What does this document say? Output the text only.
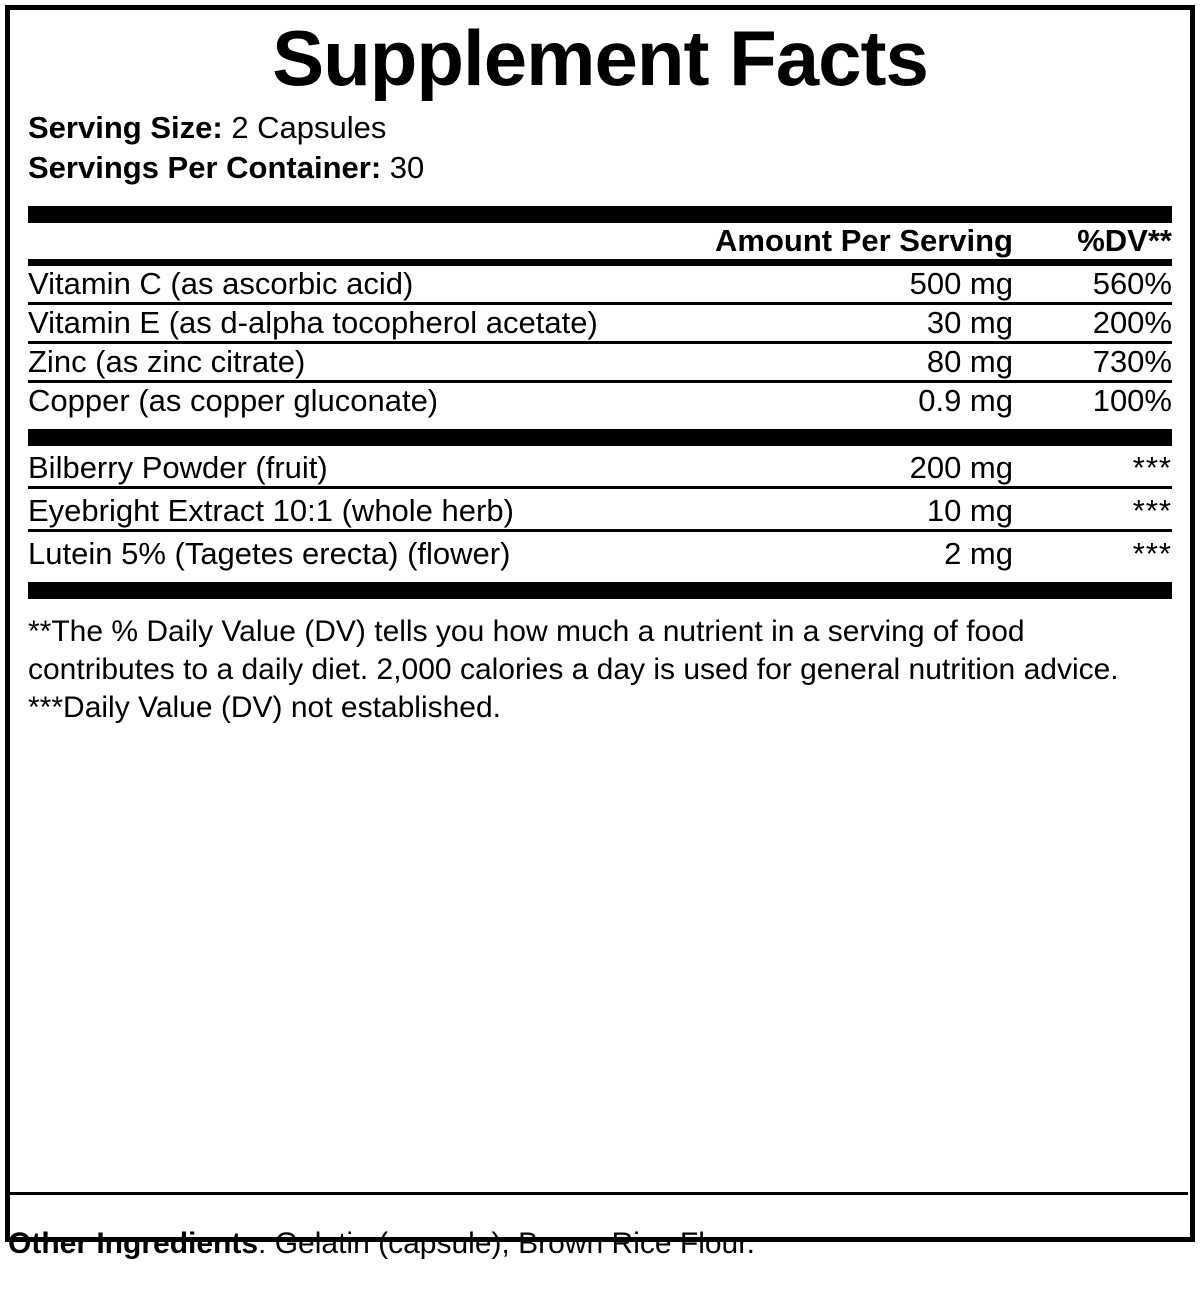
Supplement Facts

Serving Size: 2 Capsules

Servings Per Container: 30

	Amount Per Serving	%DV**
Vitamin C (as ascorbic acid)	500 mg	560%

Vitamin E (as d-alpha tocopherol acetate)	30 mg	200%

Zinc (as zinc citrate)	80 mg	730%

Copper (as copper gluconate)	0.9 mg	100%
Bilberry Powder (fruit)	200 mg	***

Eyebright Extract 10:1 (whole herb)	10 mg	***

Lutein 5% (Tagetes erecta) (flower)	2 mg	***
**The % Daily Value (DV) tells you how much a nutrient in a serving of food contributes to a daily diet. 2,000 calories a day is used for general nutrition advice.
***Daily Value (DV) not established.

Other Ingredients: Gelatin (capsule), Brown Rice Flour.
